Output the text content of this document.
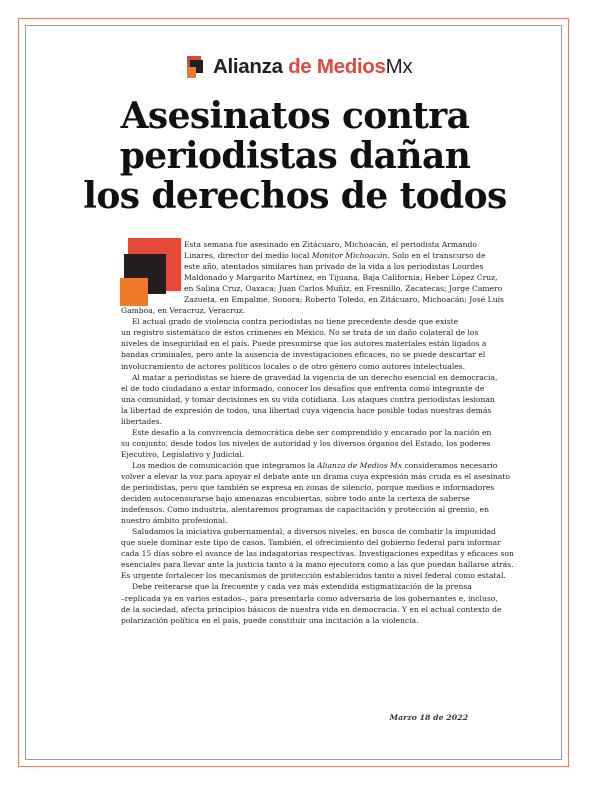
Alianza de MediosMx
Asesinatos contra
periodistas dañan
los derechos de todos

Esta semana fue asesinado en Zitácuaro, Michoacán, el periodista Armando
Linares, director del medio local Monitor Michoacán. Solo en el transcurso de
este año, atentados similares han privado de la vida a los periodistas Lourdes
Maldonado y Margarito Martínez, en Tijuana, Baja California; Heber López Cruz,
en Salina Cruz, Oaxaca; Juan Carlos Muñiz, en Fresnillo, Zacatecas; Jorge Camero
Zazueta, en Empalme, Sonora; Roberto Toledo, en Zitácuaro, Michoacán; José Luis
Gamboa, en Veracruz, Veracruz.

El actual grado de violencia contra periodistas no tiene precedente desde que existe
un registro sistemático de estos crímenes en México. No se trata de un daño colateral de los
niveles de inseguridad en el país. Puede presumirse que los autores materiales están ligados a
bandas criminales, pero ante la ausencia de investigaciones eficaces, no se puede descartar el
involucramiento de actores políticos locales o de otro género como autores intelectuales.

Al matar a periodistas se hiere de gravedad la vigencia de un derecho esencial en democracia,
el de todo ciudadano a estar informado, conocer los desafíos que enfrenta como integrante de
una comunidad, y tomar decisiones en su vida cotidiana. Los ataques contra periodistas lesionan
la libertad de expresión de todos, una libertad cuya vigencia hace posible todas nuestras demás
libertades.

Este desafío a la convivencia democrática debe ser comprendido y encarado por la nación en
su conjunto, desde todos los niveles de autoridad y los diversos órganos del Estado, los poderes
Ejecutivo, Legislativo y Judicial.

Los medios de comunicación que integramos la Alianza de Medios Mx consideramos necesario
volver a elevar la voz para apoyar el debate ante un drama cuya expresión más cruda es el asesinato
de periodistas, pero que también se expresa en zonas de silencio, porque medios e informadores
deciden autocensurarse bajo amenazas encubiertas, sobre todo ante la certeza de saberse
indefensos. Como industria, alentaremos programas de capacitación y protección al gremio, en
nuestro ámbito profesional.

Saludamos la iniciativa gubernamental, a diversos niveles, en busca de combatir la impunidad
que suele dominar este tipo de casos. También, el ofrecimiento del gobierno federal para informar
cada 15 días sobre el avance de las indagatorias respectivas. Investigaciones expeditas y eficaces son
esenciales para llevar ante la justicia tanto a la mano ejecutora como a las que puedan hallarse atrás.
Es urgente fortalecer los mecanismos de protección establecidos tanto a nivel federal como estatal.

Debe reiterarse que la frecuente y cada vez más extendida estigmatización de la prensa
–replicada ya en varios estados–, para presentarla como adversaria de los gobernantes e, incluso,
de la sociedad, afecta principios básicos de nuestra vida en democracia. Y en el actual contexto de
polarización política en el país, puede constituir una incitación a la violencia.

Marzo 18 de 2022
